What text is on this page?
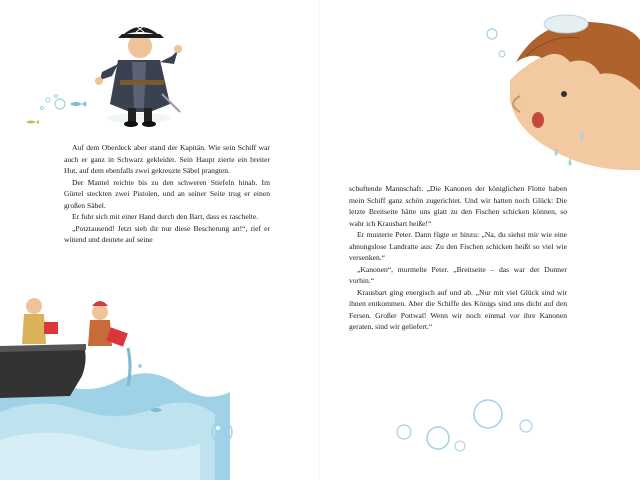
Auf dem Oberdeck aber stand der Kapitän. Wie sein Schiff war auch er ganz in Schwarz gekleidet. Sein Haupt zierte ein breiter Hut, auf dem ebenfalls zwei gekreuzte Säbel prangten.

Der Mantel reichte bis zu den schweren Stiefeln hinab. Im Gürtel steckten zwei Pistolen, und an seiner Seite trug er einen großen Säbel.

Er fuhr sich mit einer Hand durch den Bart, dass es raschelte.

„Potztausend! Jetzt sieh dir nur diese Bescherung an!“, rief er wütend und deutete auf seine

schuftende Mannschaft. „Die Kanonen der königlichen Flotte haben mein Schiff ganz schön zugerichtet. Und wir hatten noch Glück: Die letzte Breitseite hätte uns glatt zu den Fischen schicken können, so wahr ich Krausbart heiße!“

Er musterte Peter. Dann fügte er hinzu: „Na, du siehst mir wie eine ahnungslose Landratte aus: Zu den Fischen schicken heißt so viel wie versenken.“

„Kanonen“, murmelte Peter. „Breitseite – das war der Donner vorhin.“

Krausbart ging energisch auf und ab. „Nur mit viel Glück sind wir ihnen entkommen. Aber die Schiffe des Königs sind uns dicht auf den Fersen. Großer Pottwal! Wenn wir noch einmal vor ihre Kanonen geraten, sind wir geliefert.“
